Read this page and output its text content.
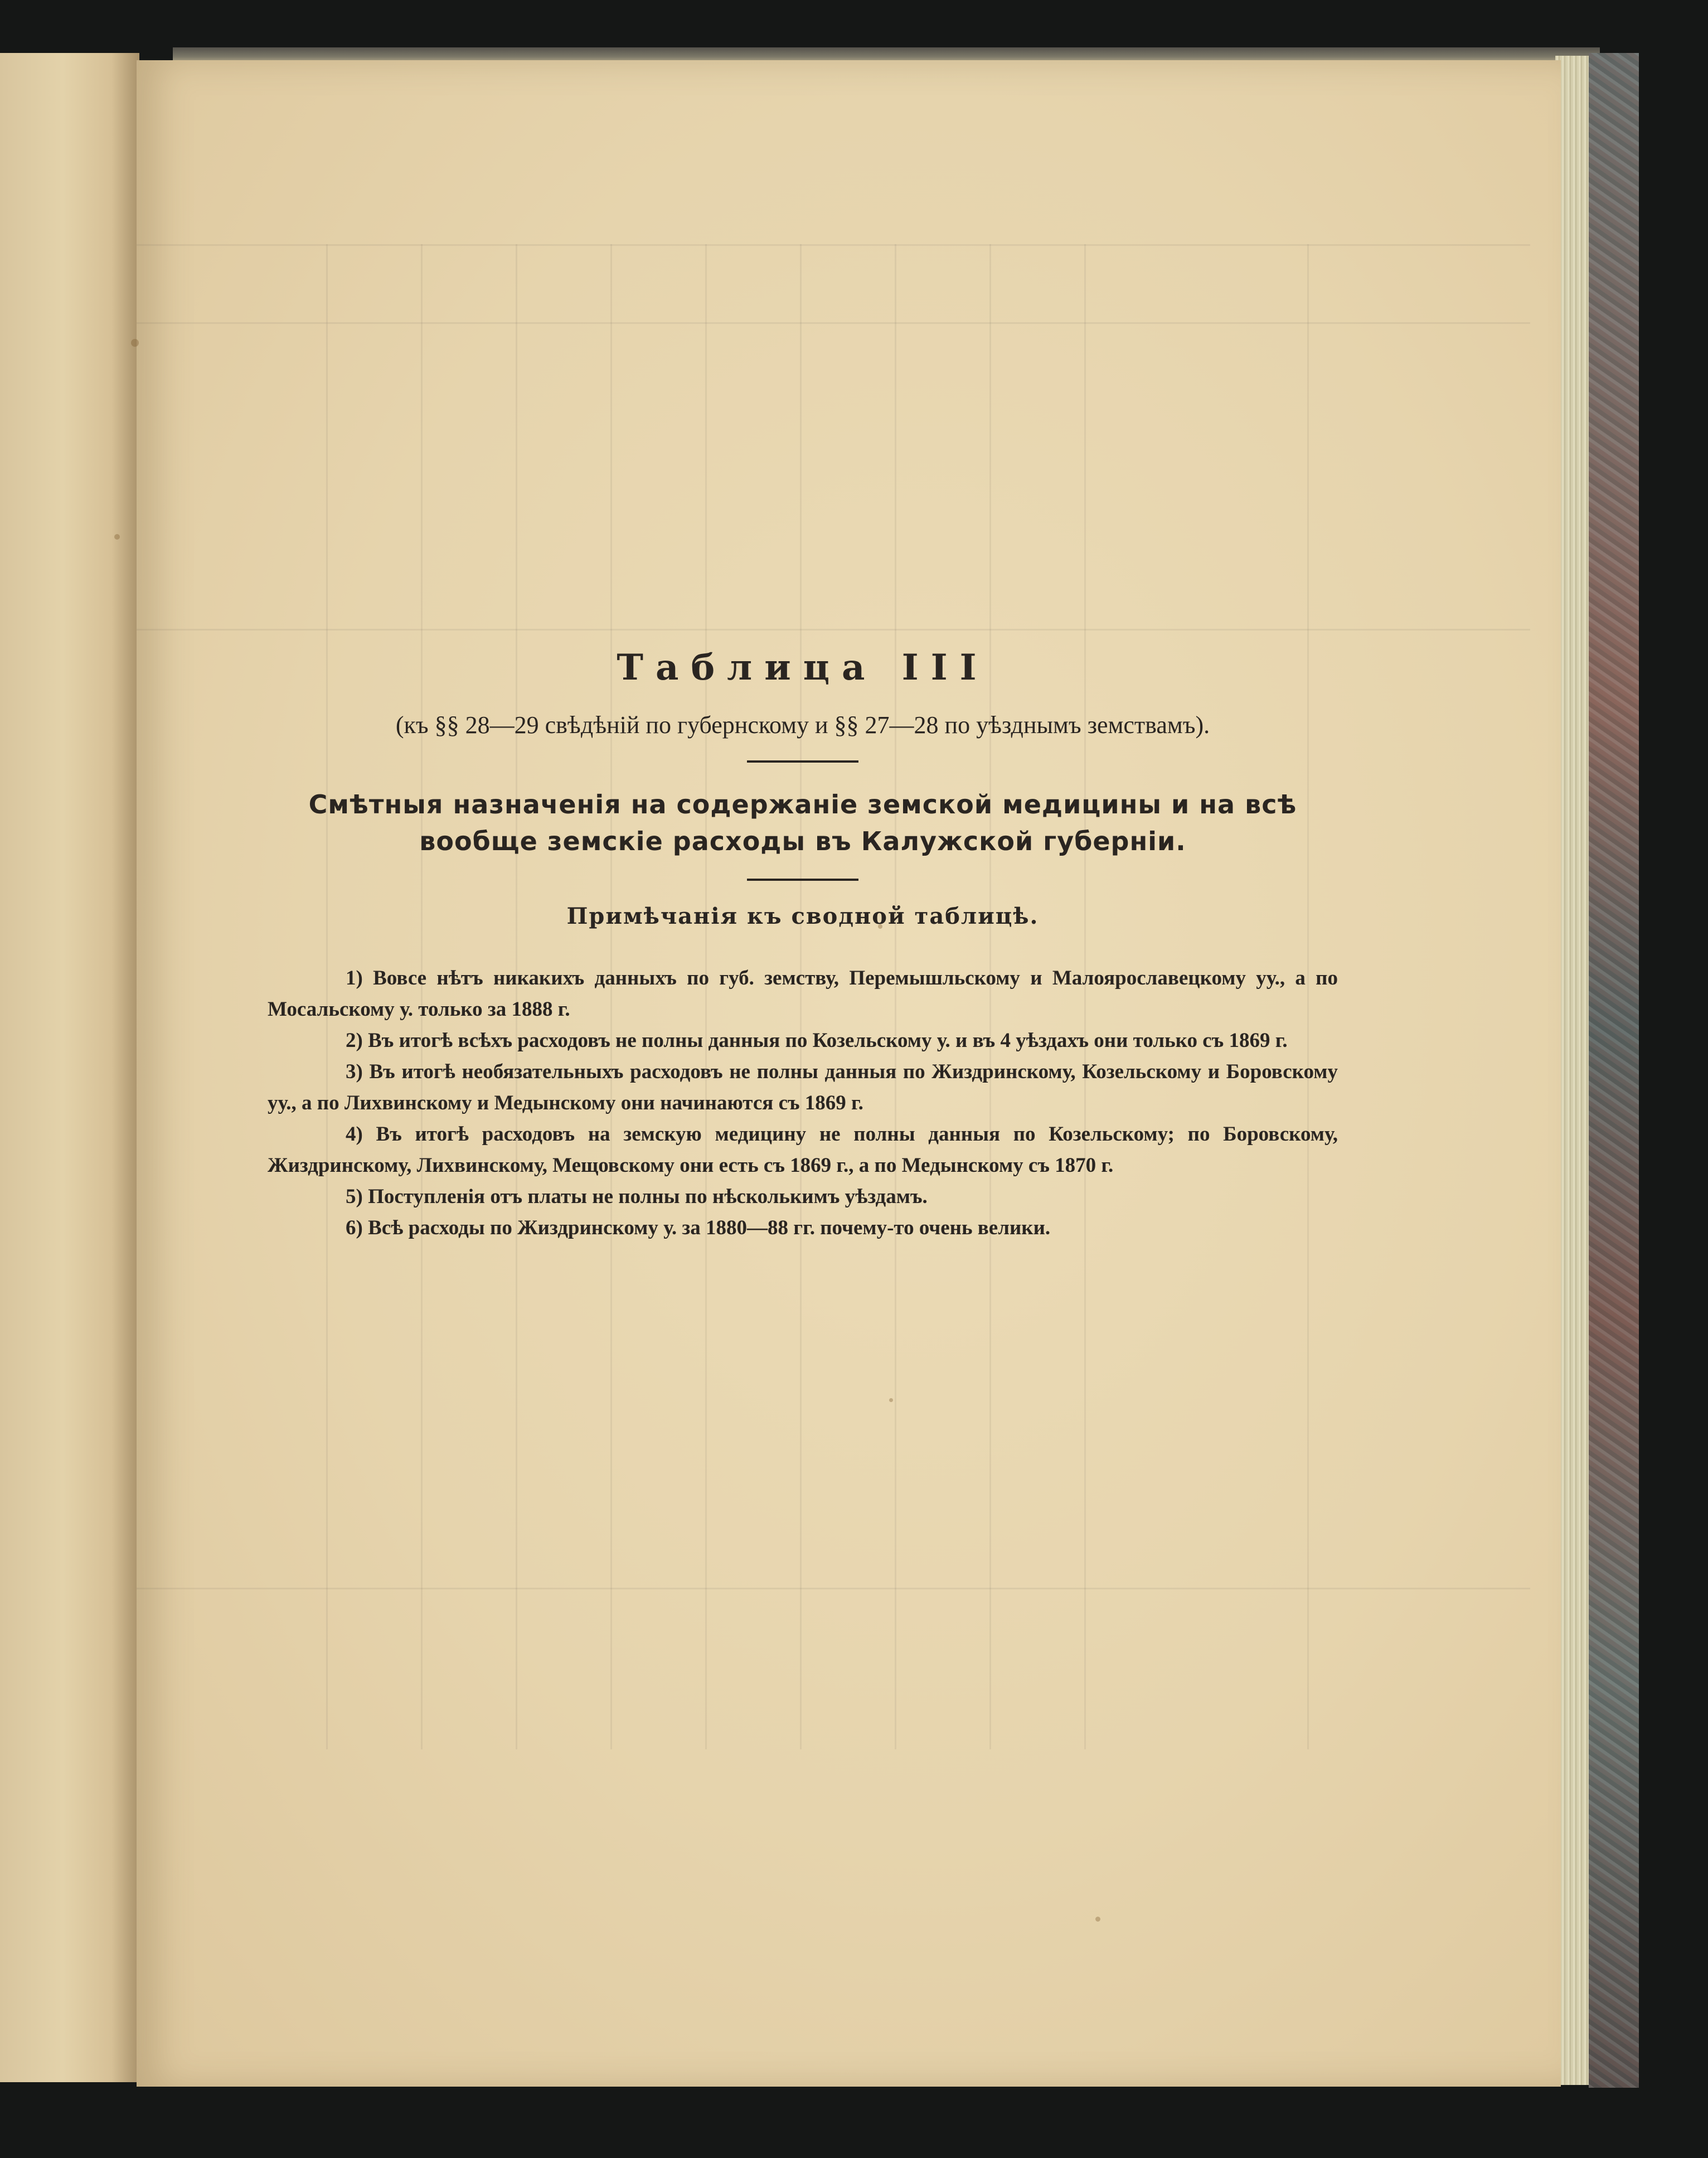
Таблица III

(къ §§ 28—29 свѣдѣній по губернскому и §§ 27—28 по уѣзднымъ земствамъ).

Смѣтныя назначенія на содержаніе земской медицины и на всѣ
вообще земскіе расходы въ Калужской губерніи.
Примѣчанія къ сводной таблицѣ.

1) Вовсе нѣтъ никакихъ данныхъ по губ. земству, Перемышльскому и Малоярославецкому уу., а по Мосальскому у. только за 1888 г.

2) Въ итогѣ всѣхъ расходовъ не полны данныя по Козельскому у. и въ 4 уѣздахъ они только съ 1869 г.

3) Въ итогѣ необязательныхъ расходовъ не полны данныя по Жиздринскому, Козельскому и Боровскому уу., а по Лихвинскому и Медынскому они начинаются съ 1869 г.

4) Въ итогѣ расходовъ на земскую медицину не полны данныя по Козельскому; по Боровскому, Жиздринскому, Лихвинскому, Мещовскому они есть съ 1869 г., а по Медынскому съ 1870 г.

5) Поступленія отъ платы не полны по нѣсколькимъ уѣздамъ.

6) Всѣ расходы по Жиздринскому у. за 1880—88 гг. почему-то очень велики.
